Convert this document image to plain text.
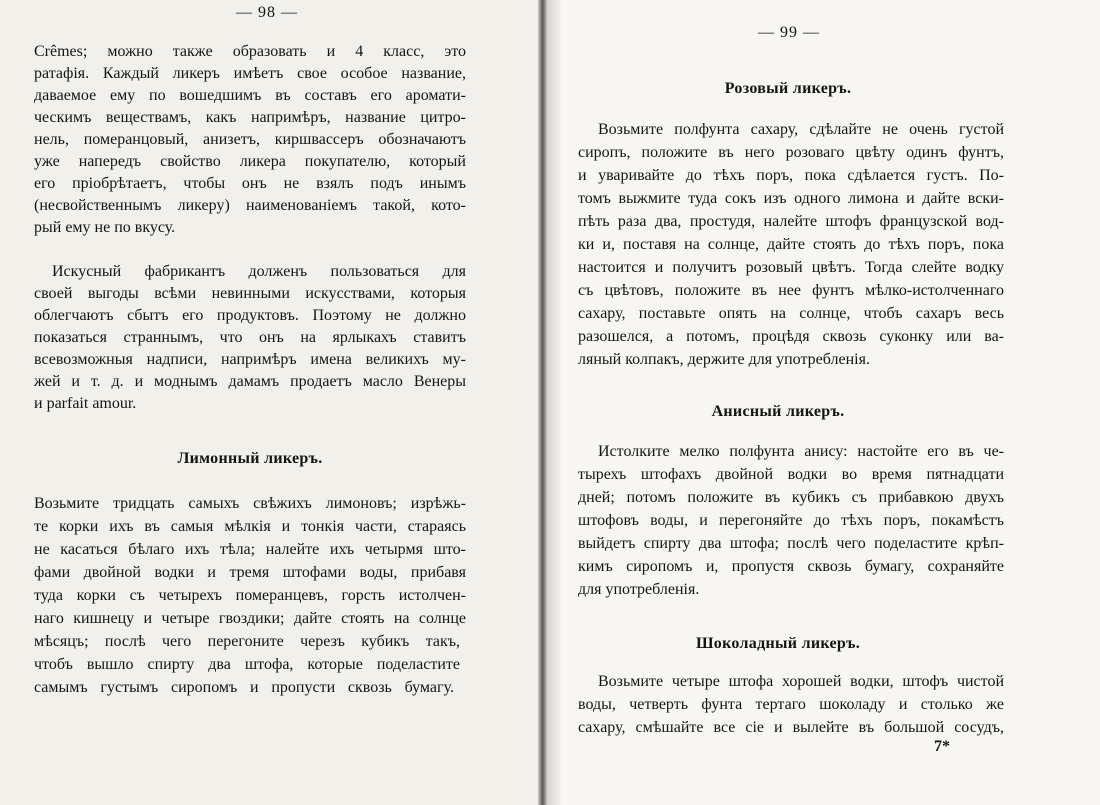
— 98 —
Crêmes; можно также образовать и 4 класс, это
ратафія. Каждый ликеръ имѣетъ свое особое название,
даваемое ему по вошедшимъ въ составъ его аромати-
ческимъ веществамъ, какъ напримѣръ, название цитро-
нель, померанцовый, анизетъ, киршвассеръ обозначаютъ
уже напередъ свойство ликера покупателю, который
его пріобрѣтаетъ, чтобы онъ не взялъ подъ инымъ
(несвойственнымъ ликеру) наименованіемъ такой, кото-
рый ему не по вкусу.
Искусный фабрикантъ долженъ пользоваться для
своей выгоды всѣми невинными искусствами, которыя
облегчаютъ сбытъ его продуктовъ. Поэтому не должно
показаться страннымъ, что онъ на ярлыкахъ ставитъ
всевозможныя надписи, напримѣръ имена великихъ му-
жей и т. д. и моднымъ дамамъ продаетъ масло Венеры
и parfait amour.
Лимонный ликеръ.
Возьмите тридцать самыхъ свѣжихъ лимоновъ; изрѣжь-
те корки ихъ въ самыя мѣлкія и тонкія части, стараясь
не касаться бѣлаго ихъ тѣла; налейте ихъ четырмя што-
фами двойной водки и тремя штофами воды, прибавя
туда корки съ четырехъ померанцевъ, горсть истолчен-
наго кишнецу и четыре гвоздики; дайте стоять на солнце
мѣсяцъ; послѣ чего перегоните черезъ кубикъ такъ,
чтобъ вышло спирту два штофа, которые поделастите
самымъ густымъ сиропомъ и пропусти сквозь бумагу.
— 99 —
Розовый ликеръ.
Возьмите полфунта сахару, сдѣлайте не очень густой
сиропъ, положите въ него розоваго цвѣту одинъ фунтъ,
и уваривайте до тѣхъ поръ, пока сдѣлается густъ. По-
томъ выжмите туда сокъ изъ одного лимона и дайте вски-
пѣть раза два, простудя, налейте штофъ французской вод-
ки и, поставя на солнце, дайте стоять до тѣхъ поръ, пока
настоится и получитъ розовый цвѣтъ. Тогда слейте водку
съ цвѣтовъ, положите въ нее фунтъ мѣлко-истолченнаго
сахару, поставьте опять на солнце, чтобъ сахаръ весь
разошелся, а потомъ, процѣдя сквозь суконку или ва-
ляный колпакъ, держите для употребленія.
Анисный ликеръ.
Истолките мелко полфунта анису: настойте его въ че-
тырехъ штофахъ двойной водки во время пятнадцати
дней; потомъ положите въ кубикъ съ прибавкою двухъ
штофовъ воды, и перегоняйте до тѣхъ поръ, покамѣстъ
выйдетъ спирту два штофа; послѣ чего поделастите крѣп-
кимъ сиропомъ и, пропустя сквозь бумагу, сохраняйте
для употребленія.
Шоколадный ликеръ.
Возьмите четыре штофа хорошей водки, штофъ чистой
воды, четверть фунта тертаго шоколаду и столько же
сахару, смѣшайте все сіе и вылейте въ большой сосудъ,
7*
